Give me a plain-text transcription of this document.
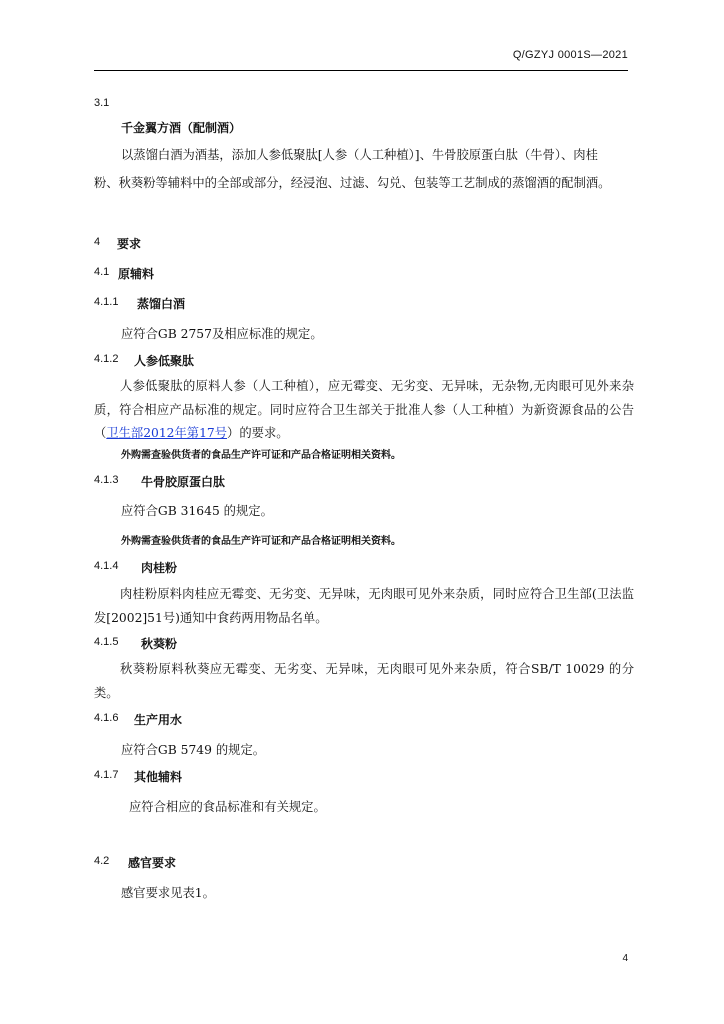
Q/GZYJ 0001S—2021
3.1
千金翼方酒（配制酒）
以蒸馏白酒为酒基，添加人参低聚肽[人参（人工种植）]、牛骨胶原蛋白肽（牛骨）、肉桂
粉、秋葵粉等辅料中的全部或部分，经浸泡、过滤、勾兑、包装等工艺制成的蒸馏酒的配制酒。
4 要求
4.1 原辅料
4.1.1 蒸馏白酒
应符合GB 2757及相应标准的规定。
4.1.2 人参低聚肽
人参低聚肽的原料人参（人工种植），应无霉变、无劣变、无异味，无杂物,无肉眼可见外来杂质，符合相应产品标准的规定。同时应符合卫生部关于批准人参（人工种植）为新资源食品的公告（卫生部2012年第17号）的要求。
外购需查验供货者的食品生产许可证和产品合格证明相关资料。
4.1.3 牛骨胶原蛋白肽
应符合GB 31645 的规定。
外购需查验供货者的食品生产许可证和产品合格证明相关资料。
4.1.4 肉桂粉
肉桂粉原料肉桂应无霉变、无劣变、无异味，无肉眼可见外来杂质，同时应符合卫生部(卫法监发[2002]51号)通知中食药两用物品名单。
4.1.5 秋葵粉
秋葵粉原料秋葵应无霉变、无劣变、无异味，无肉眼可见外来杂质，符合SB/T 10029 的分类。
4.1.6 生产用水
应符合GB 5749 的规定。
4.1.7 其他辅料
应符合相应的食品标准和有关规定。
4.2 感官要求
感官要求见表1。
4
